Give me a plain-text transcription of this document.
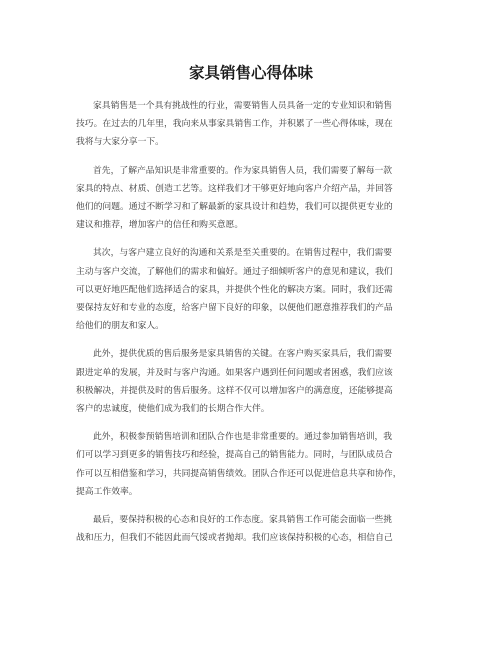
家具销售心得体味

家具销售是一个具有挑战性的行业，需要销售人员具备一定的专业知识和销售
技巧。在过去的几年里，我向来从事家具销售工作，并积累了一些心得体味，现在
我将与大家分享一下。

首先，了解产品知识是非常重要的。作为家具销售人员，我们需要了解每一款
家具的特点、材质、创造工艺等。这样我们才干够更好地向客户介绍产品，并回答
他们的问题。通过不断学习和了解最新的家具设计和趋势，我们可以提供更专业的
建议和推荐，增加客户的信任和购买意愿。

其次，与客户建立良好的沟通和关系是至关重要的。在销售过程中，我们需要
主动与客户交流，了解他们的需求和偏好。通过子细倾听客户的意见和建议，我们
可以更好地匹配他们选择适合的家具，并提供个性化的解决方案。同时，我们还需
要保持友好和专业的态度，给客户留下良好的印象，以便他们愿意推荐我们的产品
给他们的朋友和家人。

此外，提供优质的售后服务是家具销售的关键。在客户购买家具后，我们需要
跟进定单的发展，并及时与客户沟通。如果客户遇到任何问题或者困惑，我们应该
积极解决，并提供及时的售后服务。这样不仅可以增加客户的满意度，还能够提高
客户的忠诚度，使他们成为我们的长期合作大伴。

此外，积极参预销售培训和团队合作也是非常重要的。通过参加销售培训，我
们可以学习到更多的销售技巧和经验，提高自己的销售能力。同时，与团队成员合
作可以互相借鉴和学习，共同提高销售绩效。团队合作还可以促进信息共享和协作，
提高工作效率。

最后，要保持积极的心态和良好的工作态度。家具销售工作可能会面临一些挑
战和压力，但我们不能因此而气馁或者抛却。我们应该保持积极的心态，相信自己
